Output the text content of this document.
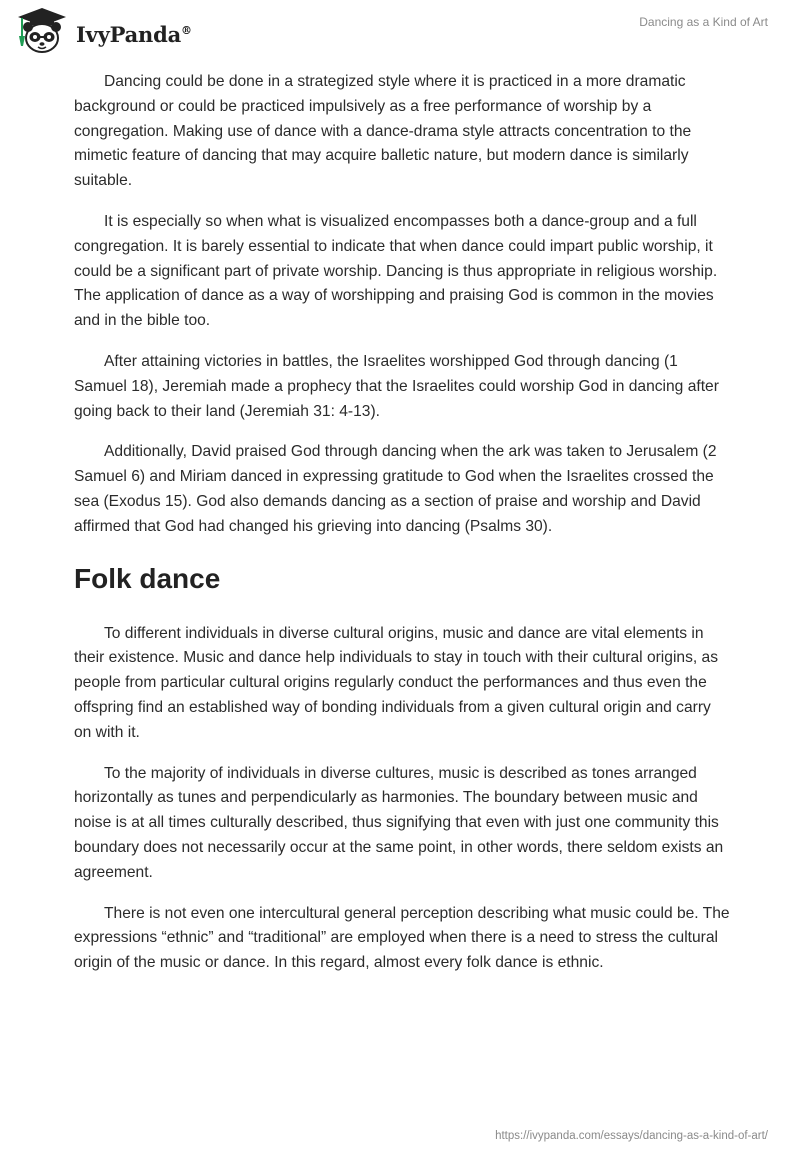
IvyPanda®
Dancing as a Kind of Art

Dancing could be done in a strategized style where it is practiced in a more dramatic background or could be practiced impulsively as a free performance of worship by a congregation. Making use of dance with a dance-drama style attracts concentration to the mimetic feature of dancing that may acquire balletic nature, but modern dance is similarly suitable.

It is especially so when what is visualized encompasses both a dance-group and a full congregation. It is barely essential to indicate that when dance could impart public worship, it could be a significant part of private worship. Dancing is thus appropriate in religious worship. The application of dance as a way of worshipping and praising God is common in the movies and in the bible too.

After attaining victories in battles, the Israelites worshipped God through dancing (1 Samuel 18), Jeremiah made a prophecy that the Israelites could worship God in dancing after going back to their land (Jeremiah 31: 4-13).

Additionally, David praised God through dancing when the ark was taken to Jerusalem (2 Samuel 6) and Miriam danced in expressing gratitude to God when the Israelites crossed the sea (Exodus 15). God also demands dancing as a section of praise and worship and David affirmed that God had changed his grieving into dancing (Psalms 30).

Folk dance

To different individuals in diverse cultural origins, music and dance are vital elements in their existence. Music and dance help individuals to stay in touch with their cultural origins, as people from particular cultural origins regularly conduct the performances and thus even the offspring find an established way of bonding individuals from a given cultural origin and carry on with it.

To the majority of individuals in diverse cultures, music is described as tones arranged horizontally as tunes and perpendicularly as harmonies. The boundary between music and noise is at all times culturally described, thus signifying that even with just one community this boundary does not necessarily occur at the same point, in other words, there seldom exists an agreement.

There is not even one intercultural general perception describing what music could be. The expressions “ethnic” and “traditional” are employed when there is a need to stress the cultural origin of the music or dance. In this regard, almost every folk dance is ethnic.

https://ivypanda.com/essays/dancing-as-a-kind-of-art/
